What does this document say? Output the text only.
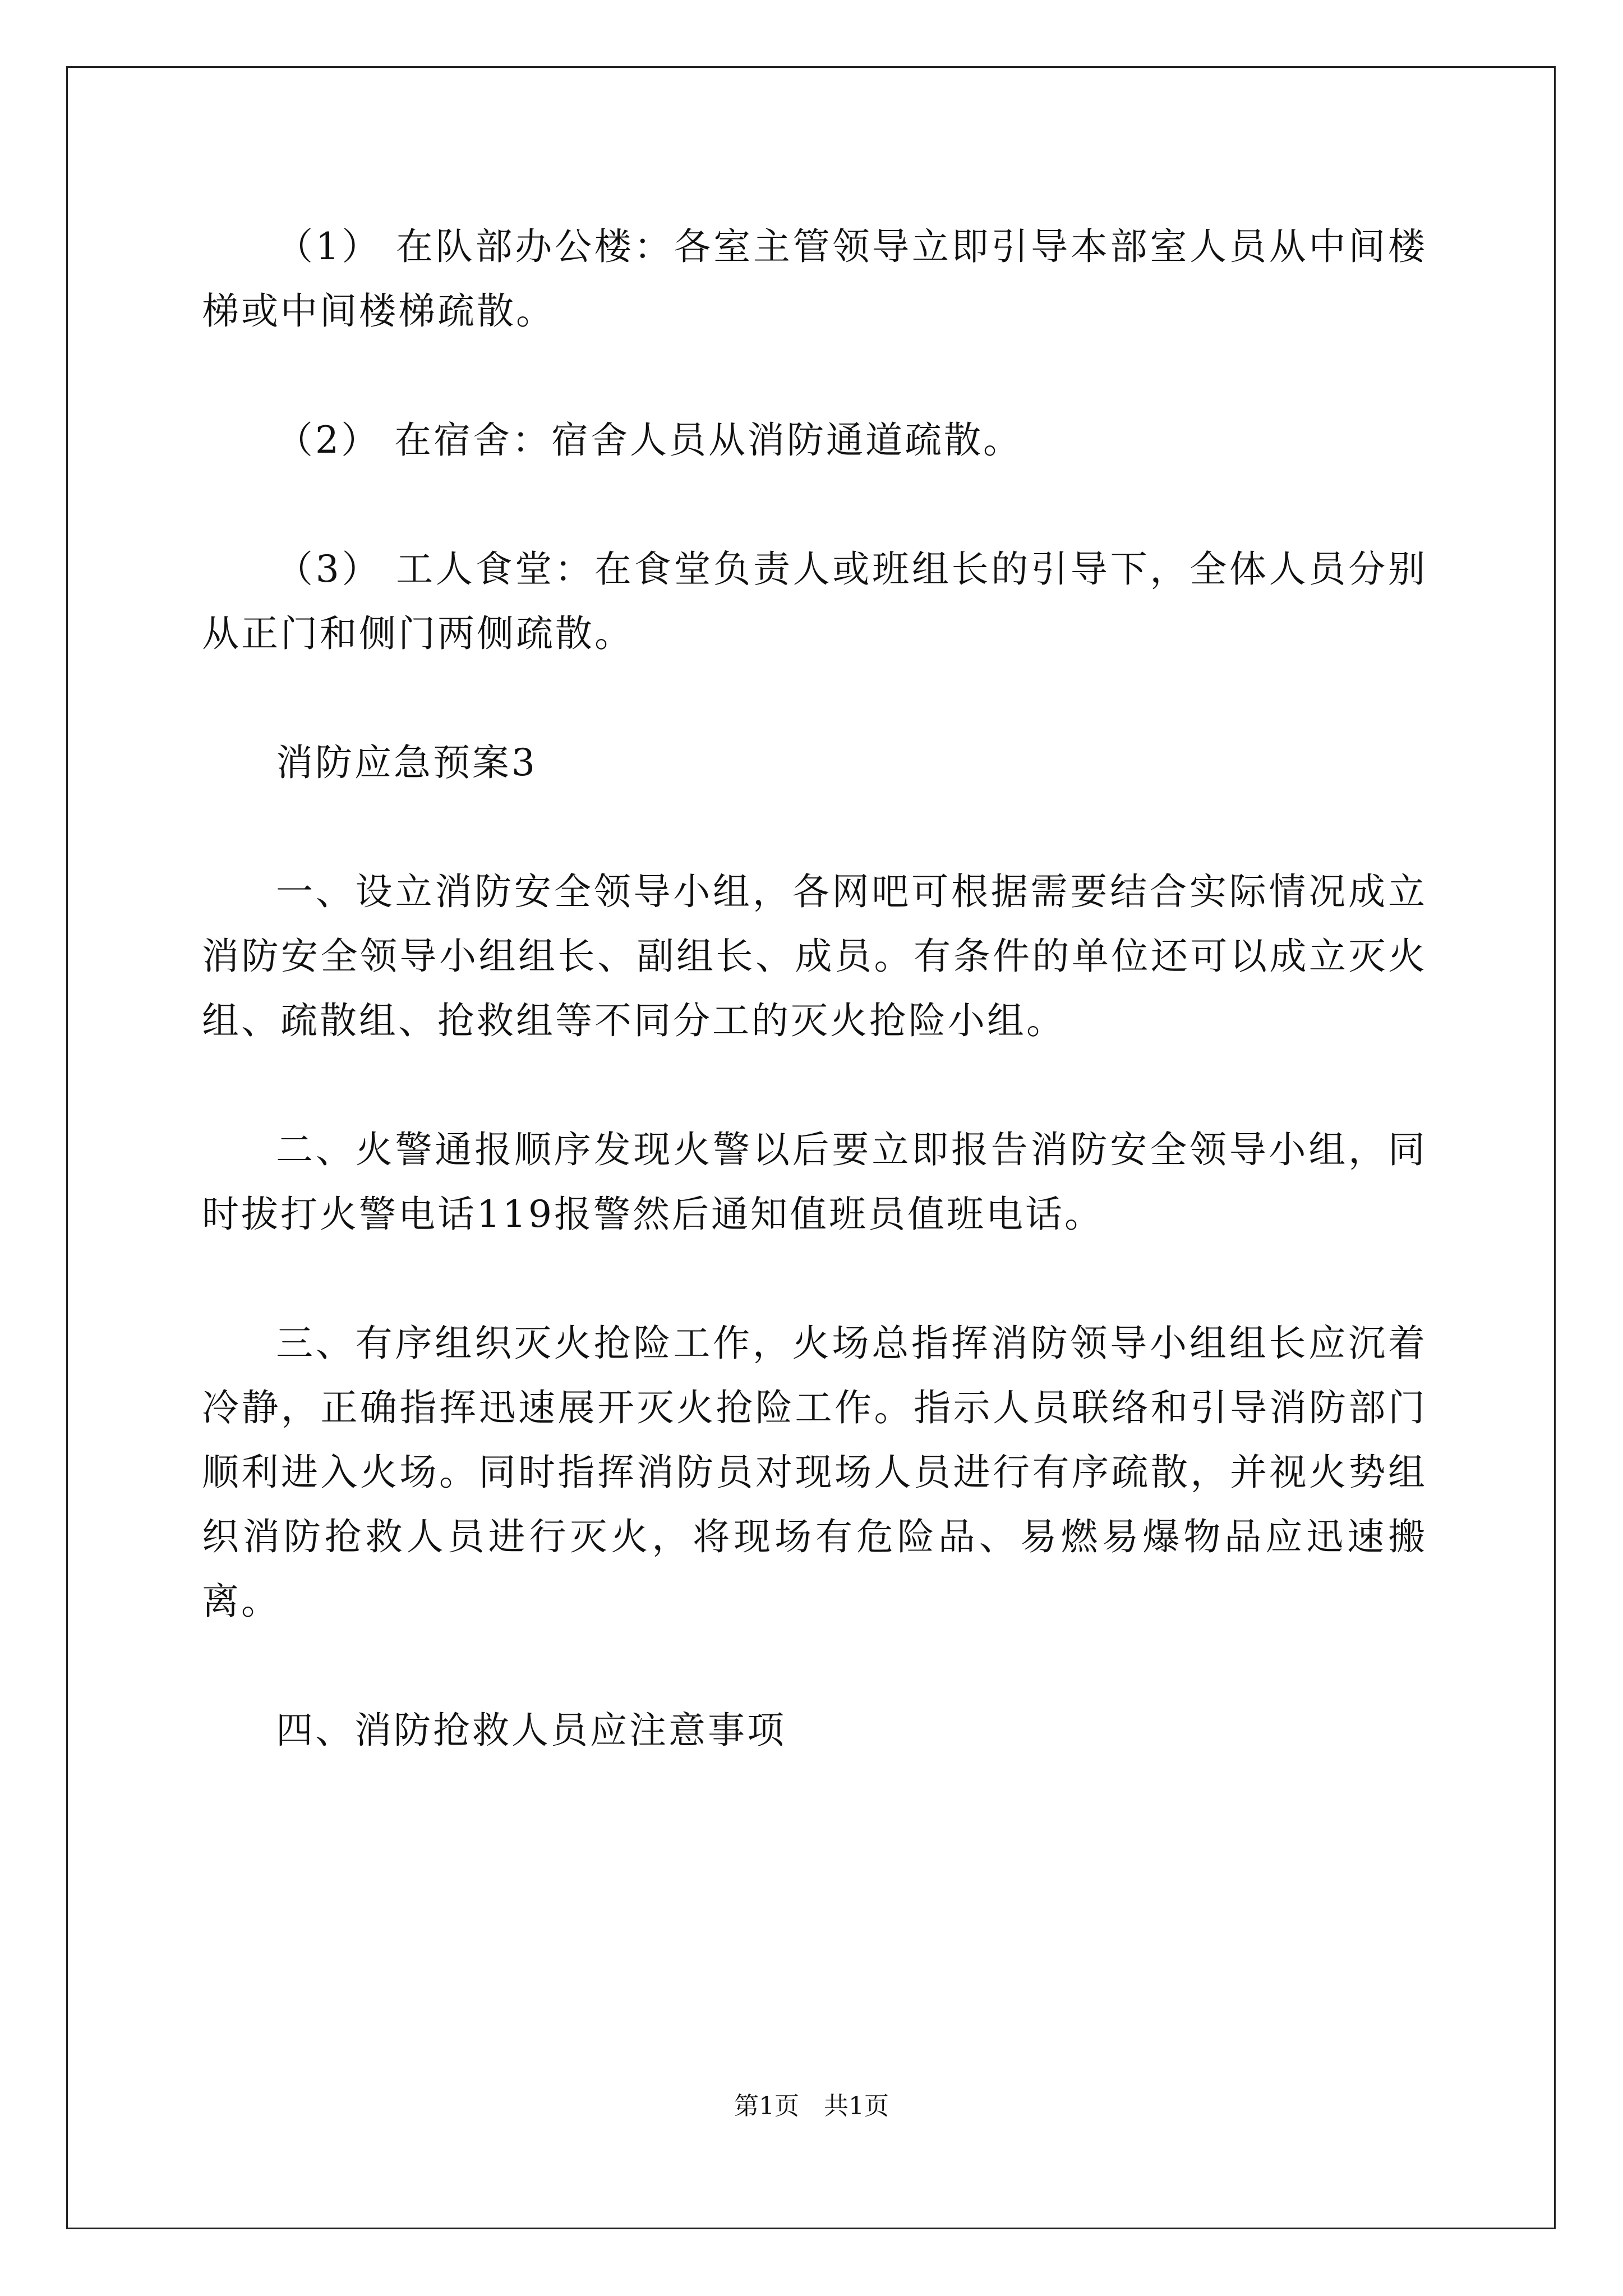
（1） 在队部办公楼：各室主管领导立即引导本部室人员从中间楼梯或中间楼梯疏散。

（2） 在宿舍：宿舍人员从消防通道疏散。

（3） 工人食堂：在食堂负责人或班组长的引导下，全体人员分别从正门和侧门两侧疏散。

消防应急预案3

一、设立消防安全领导小组，各网吧可根据需要结合实际情况成立消防安全领导小组组长、副组长、成员。有条件的单位还可以成立灭火组、疏散组、抢救组等不同分工的灭火抢险小组。

二、火警通报顺序发现火警以后要立即报告消防安全领导小组，同时拔打火警电话119报警然后通知值班员值班电话。

三、有序组织灭火抢险工作，火场总指挥消防领导小组组长应沉着冷静，正确指挥迅速展开灭火抢险工作。指示人员联络和引导消防部门顺利进入火场。同时指挥消防员对现场人员进行有序疏散，并视火势组织消防抢救人员进行灭火，将现场有危险品、易燃易爆物品应迅速搬离。

四、消防抢救人员应注意事项

第1页　共1页
